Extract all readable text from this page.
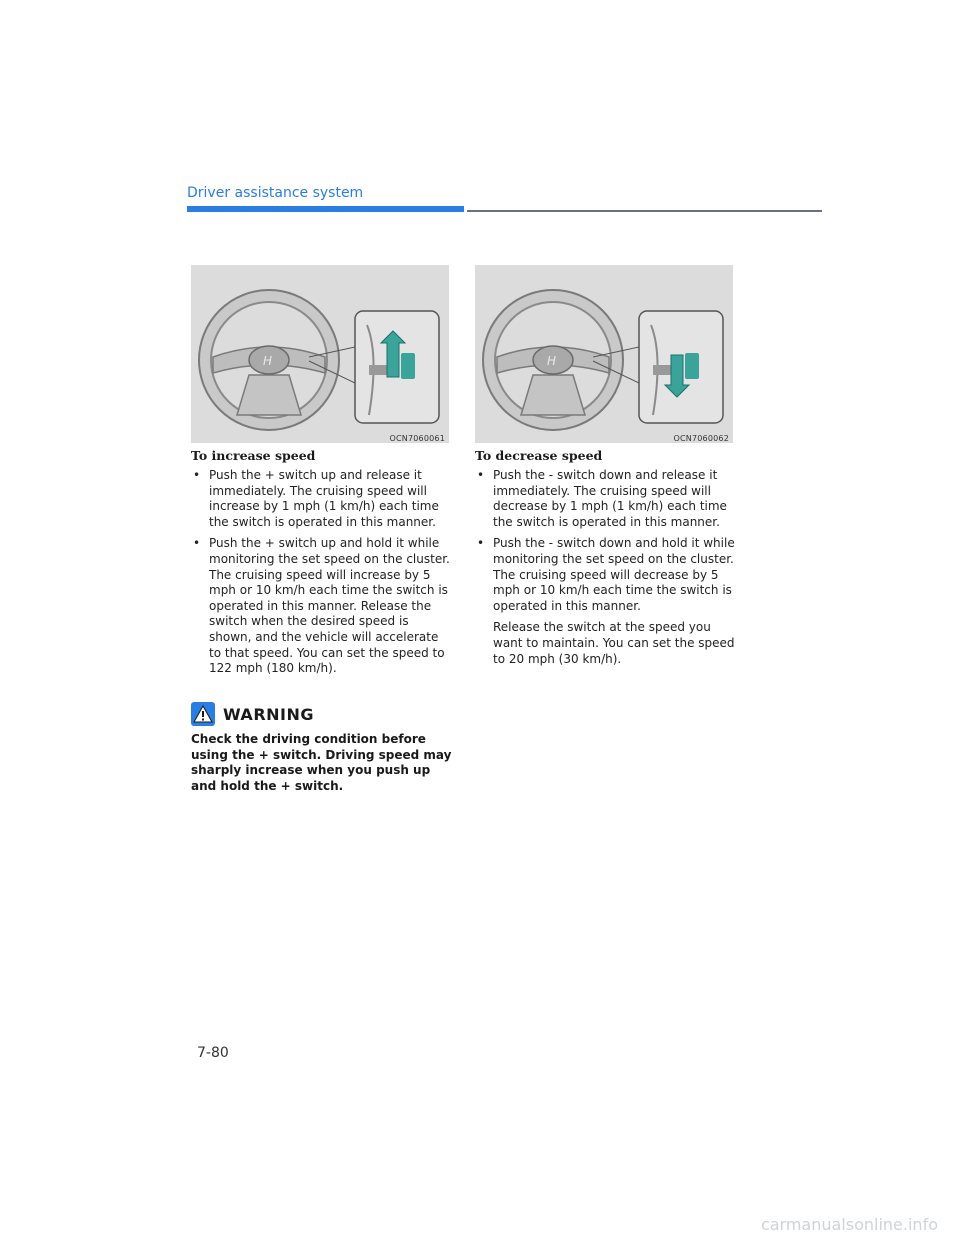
Driver assistance system
H
OCN7060061
H
OCN7060062
To increase speed
• Push the + switch up and release it immediately. The cruising speed will increase by 1 mph (1 km/h) each time the switch is operated in this manner.
• Push the + switch up and hold it while monitoring the set speed on the cluster. The cruising speed will increase by 5 mph or 10 km/h each time the switch is operated in this manner. Release the switch when the desired speed is shown, and the vehicle will accelerate to that speed. You can set the speed to 122 mph (180 km/h).
To decrease speed
• Push the - switch down and release it immediately. The cruising speed will decrease by 1 mph (1 km/h) each time the switch is operated in this manner.
• Push the - switch down and hold it while monitoring the set speed on the cluster. The cruising speed will decrease by 5 mph or 10 km/h each time the switch is operated in this manner.
Release the switch at the speed you want to maintain. You can set the speed to 20 mph (30 km/h).
WARNING
Check the driving condition before using the + switch. Driving speed may sharply increase when you push up and hold the + switch.
7-80
carmanualsonline.info
